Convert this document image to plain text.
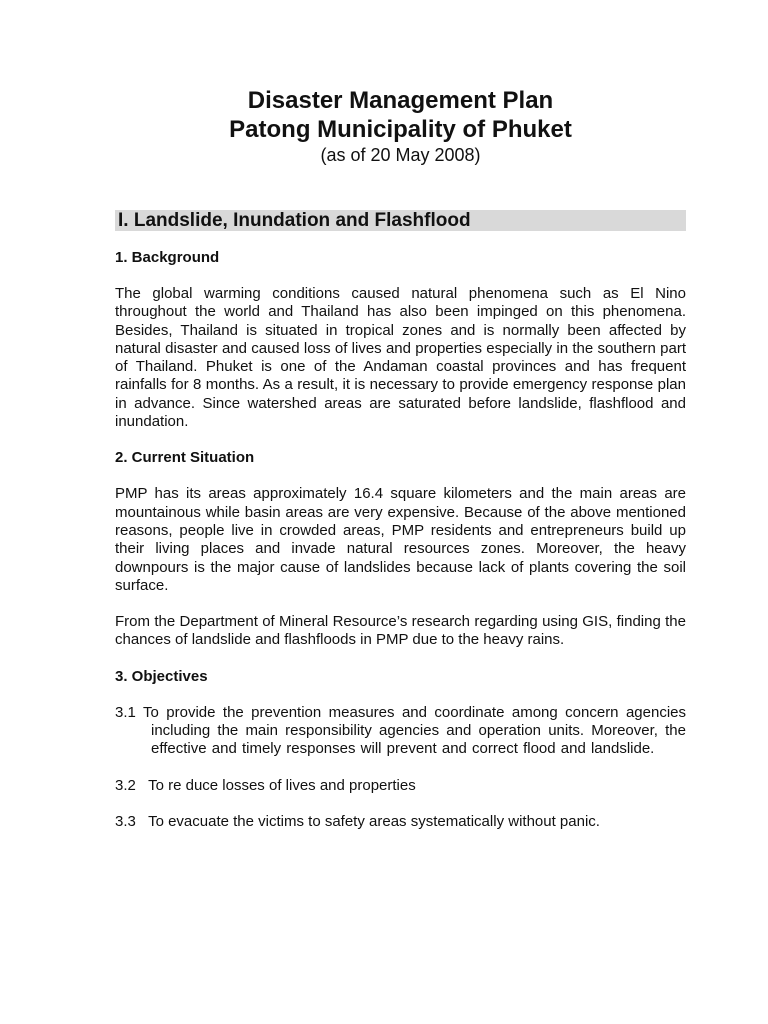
Disaster Management Plan
Patong Municipality of Phuket
(as of 20 May 2008)
I. Landslide, Inundation and Flashflood
1. Background
The global warming conditions caused natural phenomena such as El Nino throughout the world and Thailand has also been impinged on this phenomena. Besides, Thailand is situated in tropical zones and is normally been affected by natural disaster and caused loss of lives and properties especially in the southern part of Thailand. Phuket is one of the Andaman coastal provinces and has frequent rainfalls for 8 months. As a result, it is necessary to provide emergency response plan in advance. Since watershed areas are saturated before landslide, flashflood and inundation.
2. Current Situation
PMP has its areas approximately 16.4 square kilometers and the main areas are mountainous while basin areas are very expensive. Because of the above mentioned reasons, people live in crowded areas, PMP residents and entrepreneurs build up their living places and invade natural resources zones. Moreover, the heavy downpours is the major cause of landslides because lack of plants covering the soil surface.
From the Department of Mineral Resource’s research regarding using GIS, finding the chances of landslide and flashfloods in PMP due to the heavy rains.
3. Objectives
3.1 To provide the prevention measures and coordinate among concern agencies including the main responsibility agencies and operation units. Moreover, the effective and timely responses will prevent and correct flood and landslide.
3.2   To re duce losses of lives and properties
3.3   To evacuate the victims to safety areas systematically without panic.
